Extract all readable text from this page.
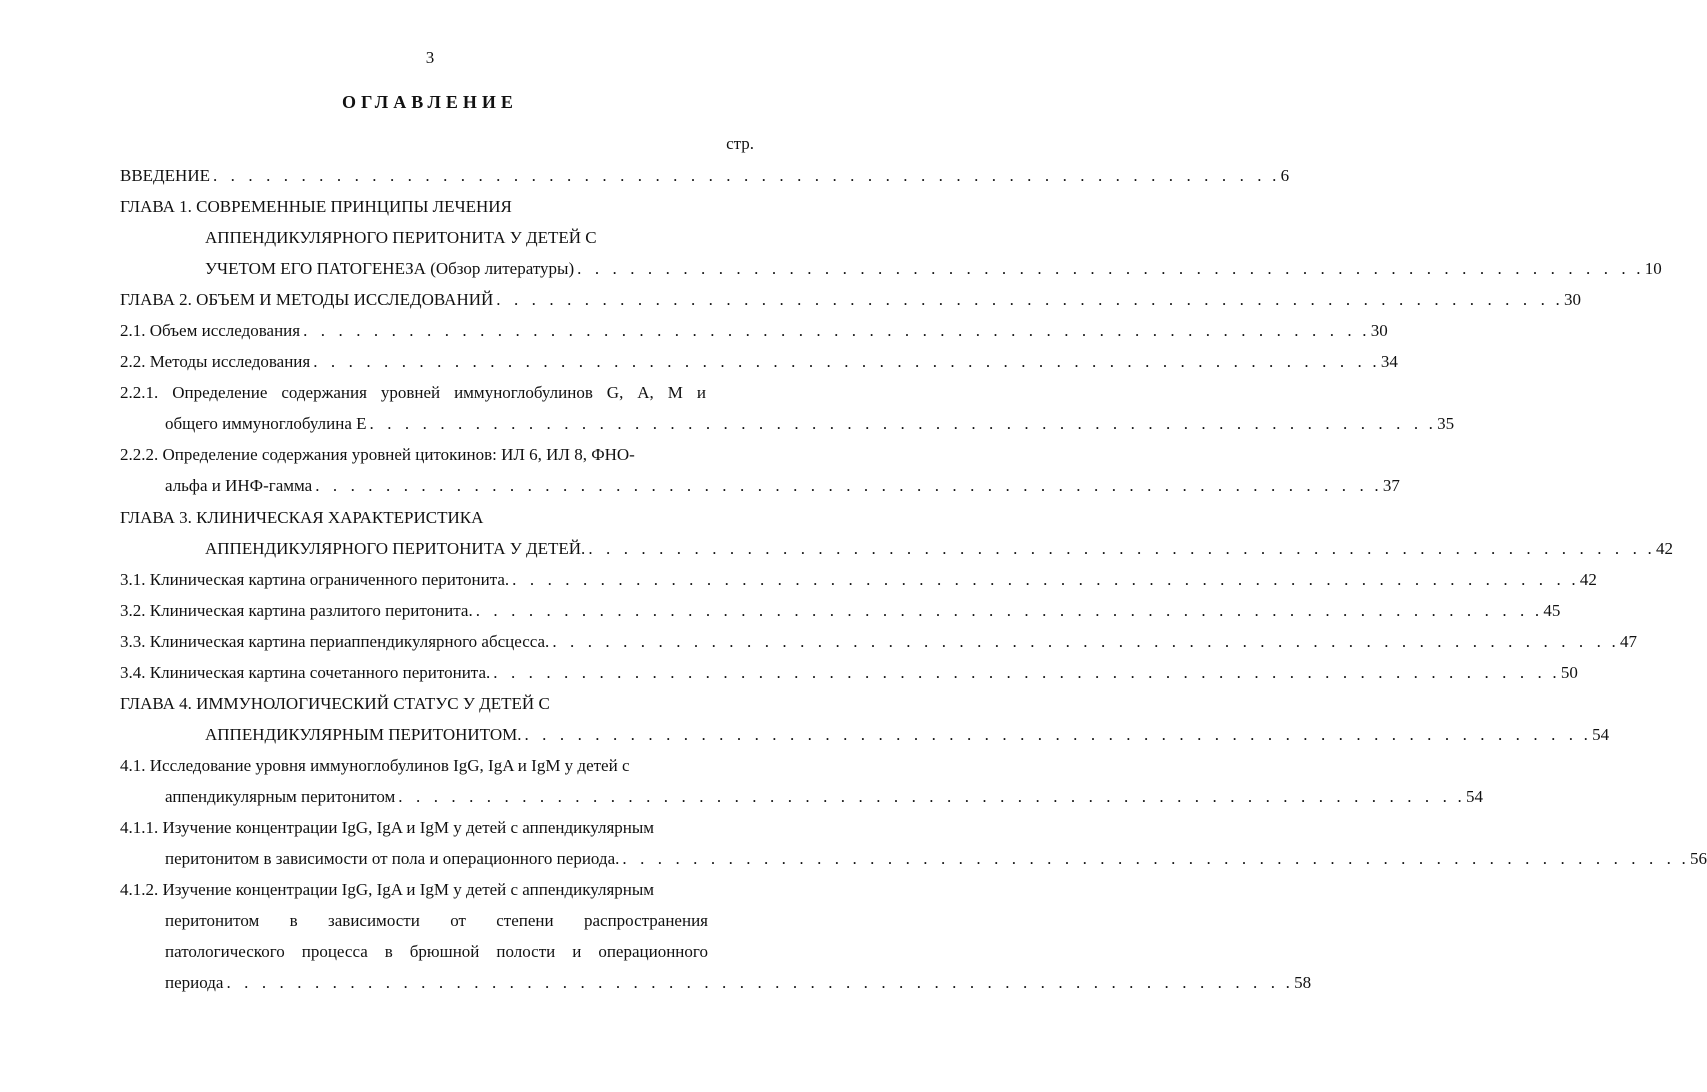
3
ОГЛАВЛЕНИЕ
стр.
ВВЕДЕНИЕ . . . . . . . . . . . . . . . . . . . . . . . . . . . . . . . . . . . . . . . . . . . . . . . . . . . . . . . . . . . . . 6
ГЛАВА 1. СОВРЕМЕННЫЕ ПРИНЦИПЫ ЛЕЧЕНИЯ
АППЕНДИКУЛЯРНОГО ПЕРИТОНИТА У ДЕТЕЙ С
УЧЕТОМ ЕГО ПАТОГЕНЕЗА (Обзор литературы) . . . . . . . . . . . . . . . . . . . . . . . . . . . . . . . . . . . . . . . . . . . . . . . . . . . . . . . . . . . . . 10
ГЛАВА 2. ОБЪЕМ И МЕТОДЫ ИССЛЕДОВАНИЙ . . . . . . . . . . . . . . . . . . . . . . . . . . . . . . . . . . . . . . . . . . . . . . . . . . . . . . . . . . . . . 30
2.1. Объем исследования . . . . . . . . . . . . . . . . . . . . . . . . . . . . . . . . . . . . . . . . . . . . . . . . . . . . . . . . . . . . . 30
2.2. Методы исследования . . . . . . . . . . . . . . . . . . . . . . . . . . . . . . . . . . . . . . . . . . . . . . . . . . . . . . . . . . . . . 34
2.2.1. Определение содержания уровней иммуноглобулинов G, А, М и
общего иммуноглобулина Е . . . . . . . . . . . . . . . . . . . . . . . . . . . . . . . . . . . . . . . . . . . . . . . . . . . . . . . . . . . . . 35
2.2.2. Определение содержания уровней цитокинов: ИЛ 6, ИЛ 8, ФНО-
альфа и ИНФ-гамма . . . . . . . . . . . . . . . . . . . . . . . . . . . . . . . . . . . . . . . . . . . . . . . . . . . . . . . . . . . . . 37
ГЛАВА 3. КЛИНИЧЕСКАЯ ХАРАКТЕРИСТИКА
АППЕНДИКУЛЯРНОГО ПЕРИТОНИТА У ДЕТЕЙ. . . . . . . . . . . . . . . . . . . . . . . . . . . . . . . . . . . . . . . . . . . . . . . . . . . . . . . . . . . . . . 42
3.1. Клиническая картина ограниченного перитонита. . . . . . . . . . . . . . . . . . . . . . . . . . . . . . . . . . . . . . . . . . . . . . . . . . . . . . . . . . . . . . 42
3.2. Клиническая картина разлитого перитонита. . . . . . . . . . . . . . . . . . . . . . . . . . . . . . . . . . . . . . . . . . . . . . . . . . . . . . . . . . . . . . 45
3.3. Клиническая картина периаппендикулярного абсцесса. . . . . . . . . . . . . . . . . . . . . . . . . . . . . . . . . . . . . . . . . . . . . . . . . . . . . . . . . . . . . . 47
3.4. Клиническая картина сочетанного перитонита. . . . . . . . . . . . . . . . . . . . . . . . . . . . . . . . . . . . . . . . . . . . . . . . . . . . . . . . . . . . . . 50
ГЛАВА 4. ИММУНОЛОГИЧЕСКИЙ СТАТУС У ДЕТЕЙ С
АППЕНДИКУЛЯРНЫМ ПЕРИТОНИТОМ. . . . . . . . . . . . . . . . . . . . . . . . . . . . . . . . . . . . . . . . . . . . . . . . . . . . . . . . . . . . . . 54
4.1. Исследование уровня иммуноглобулинов IgG, IgA и IgM у детей с
аппендикулярным перитонитом . . . . . . . . . . . . . . . . . . . . . . . . . . . . . . . . . . . . . . . . . . . . . . . . . . . . . . . . . . . . . 54
4.1.1. Изучение концентрации IgG, IgA и IgM у детей с аппендикулярным
перитонитом в зависимости от пола и операционного периода. . . . . . . . . . . . . . . . . . . . . . . . . . . . . . . . . . . . . . . . . . . . . . . . . . . . . . . . . . . . . . 56
4.1.2. Изучение концентрации IgG, IgA и IgM у детей с аппендикулярным
перитонитом в зависимости от степени распространения
патологического процесса в брюшной полости и операционного
периода . . . . . . . . . . . . . . . . . . . . . . . . . . . . . . . . . . . . . . . . . . . . . . . . . . . . . . . . . . . . . 58
